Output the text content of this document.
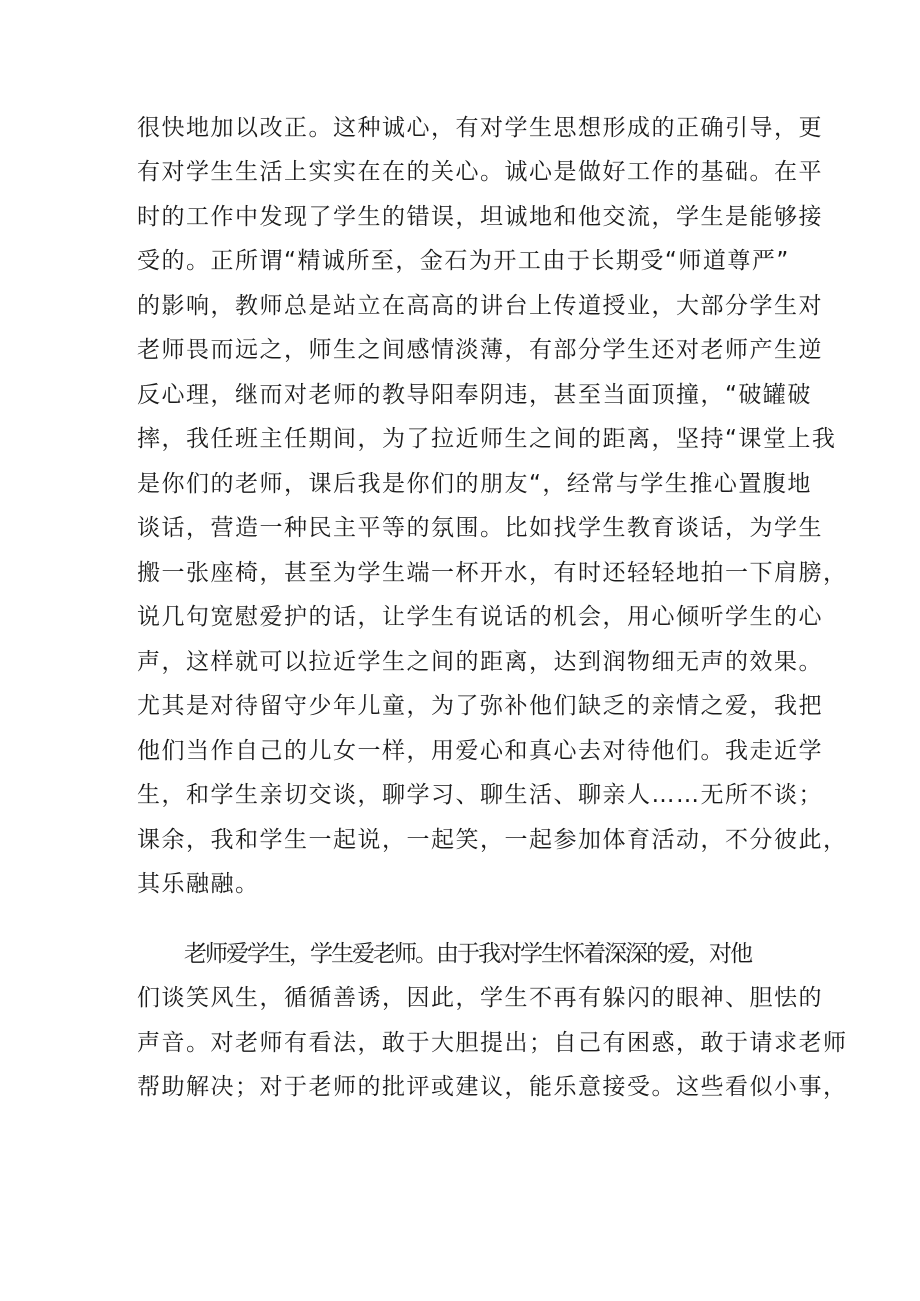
很快地加以改正。这种诚心，有对学生思想形成的正确引导，更
有对学生生活上实实在在的关心。诚心是做好工作的基础。在平
时的工作中发现了学生的错误，坦诚地和他交流，学生是能够接
受的。正所谓“精诚所至，金石为开工由于长期受“师道尊严”
的影响，教师总是站立在高高的讲台上传道授业，大部分学生对
老师畏而远之，师生之间感情淡薄，有部分学生还对老师产生逆
反心理，继而对老师的教导阳奉阴违，甚至当面顶撞，“破罐破
摔，我任班主任期间，为了拉近师生之间的距离，坚持“课堂上我
是你们的老师，课后我是你们的朋友“，经常与学生推心置腹地
谈话，营造一种民主平等的氛围。比如找学生教育谈话，为学生
搬一张座椅，甚至为学生端一杯开水，有时还轻轻地拍一下肩膀，
说几句宽慰爱护的话，让学生有说话的机会，用心倾听学生的心
声，这样就可以拉近学生之间的距离，达到润物细无声的效果。
尤其是对待留守少年儿童，为了弥补他们缺乏的亲情之爱，我把
他们当作自己的儿女一样，用爱心和真心去对待他们。我走近学
生，和学生亲切交谈，聊学习、聊生活、聊亲人……无所不谈；
课余，我和学生一起说，一起笑，一起参加体育活动，不分彼此，
其乐融融。
老师爱学生，学生爱老师。由于我对学生怀着深深的爱，对他
们谈笑风生，循循善诱，因此，学生不再有躲闪的眼神、胆怯的
声音。对老师有看法，敢于大胆提出；自己有困惑，敢于请求老师
帮助解决；对于老师的批评或建议，能乐意接受。这些看似小事，
